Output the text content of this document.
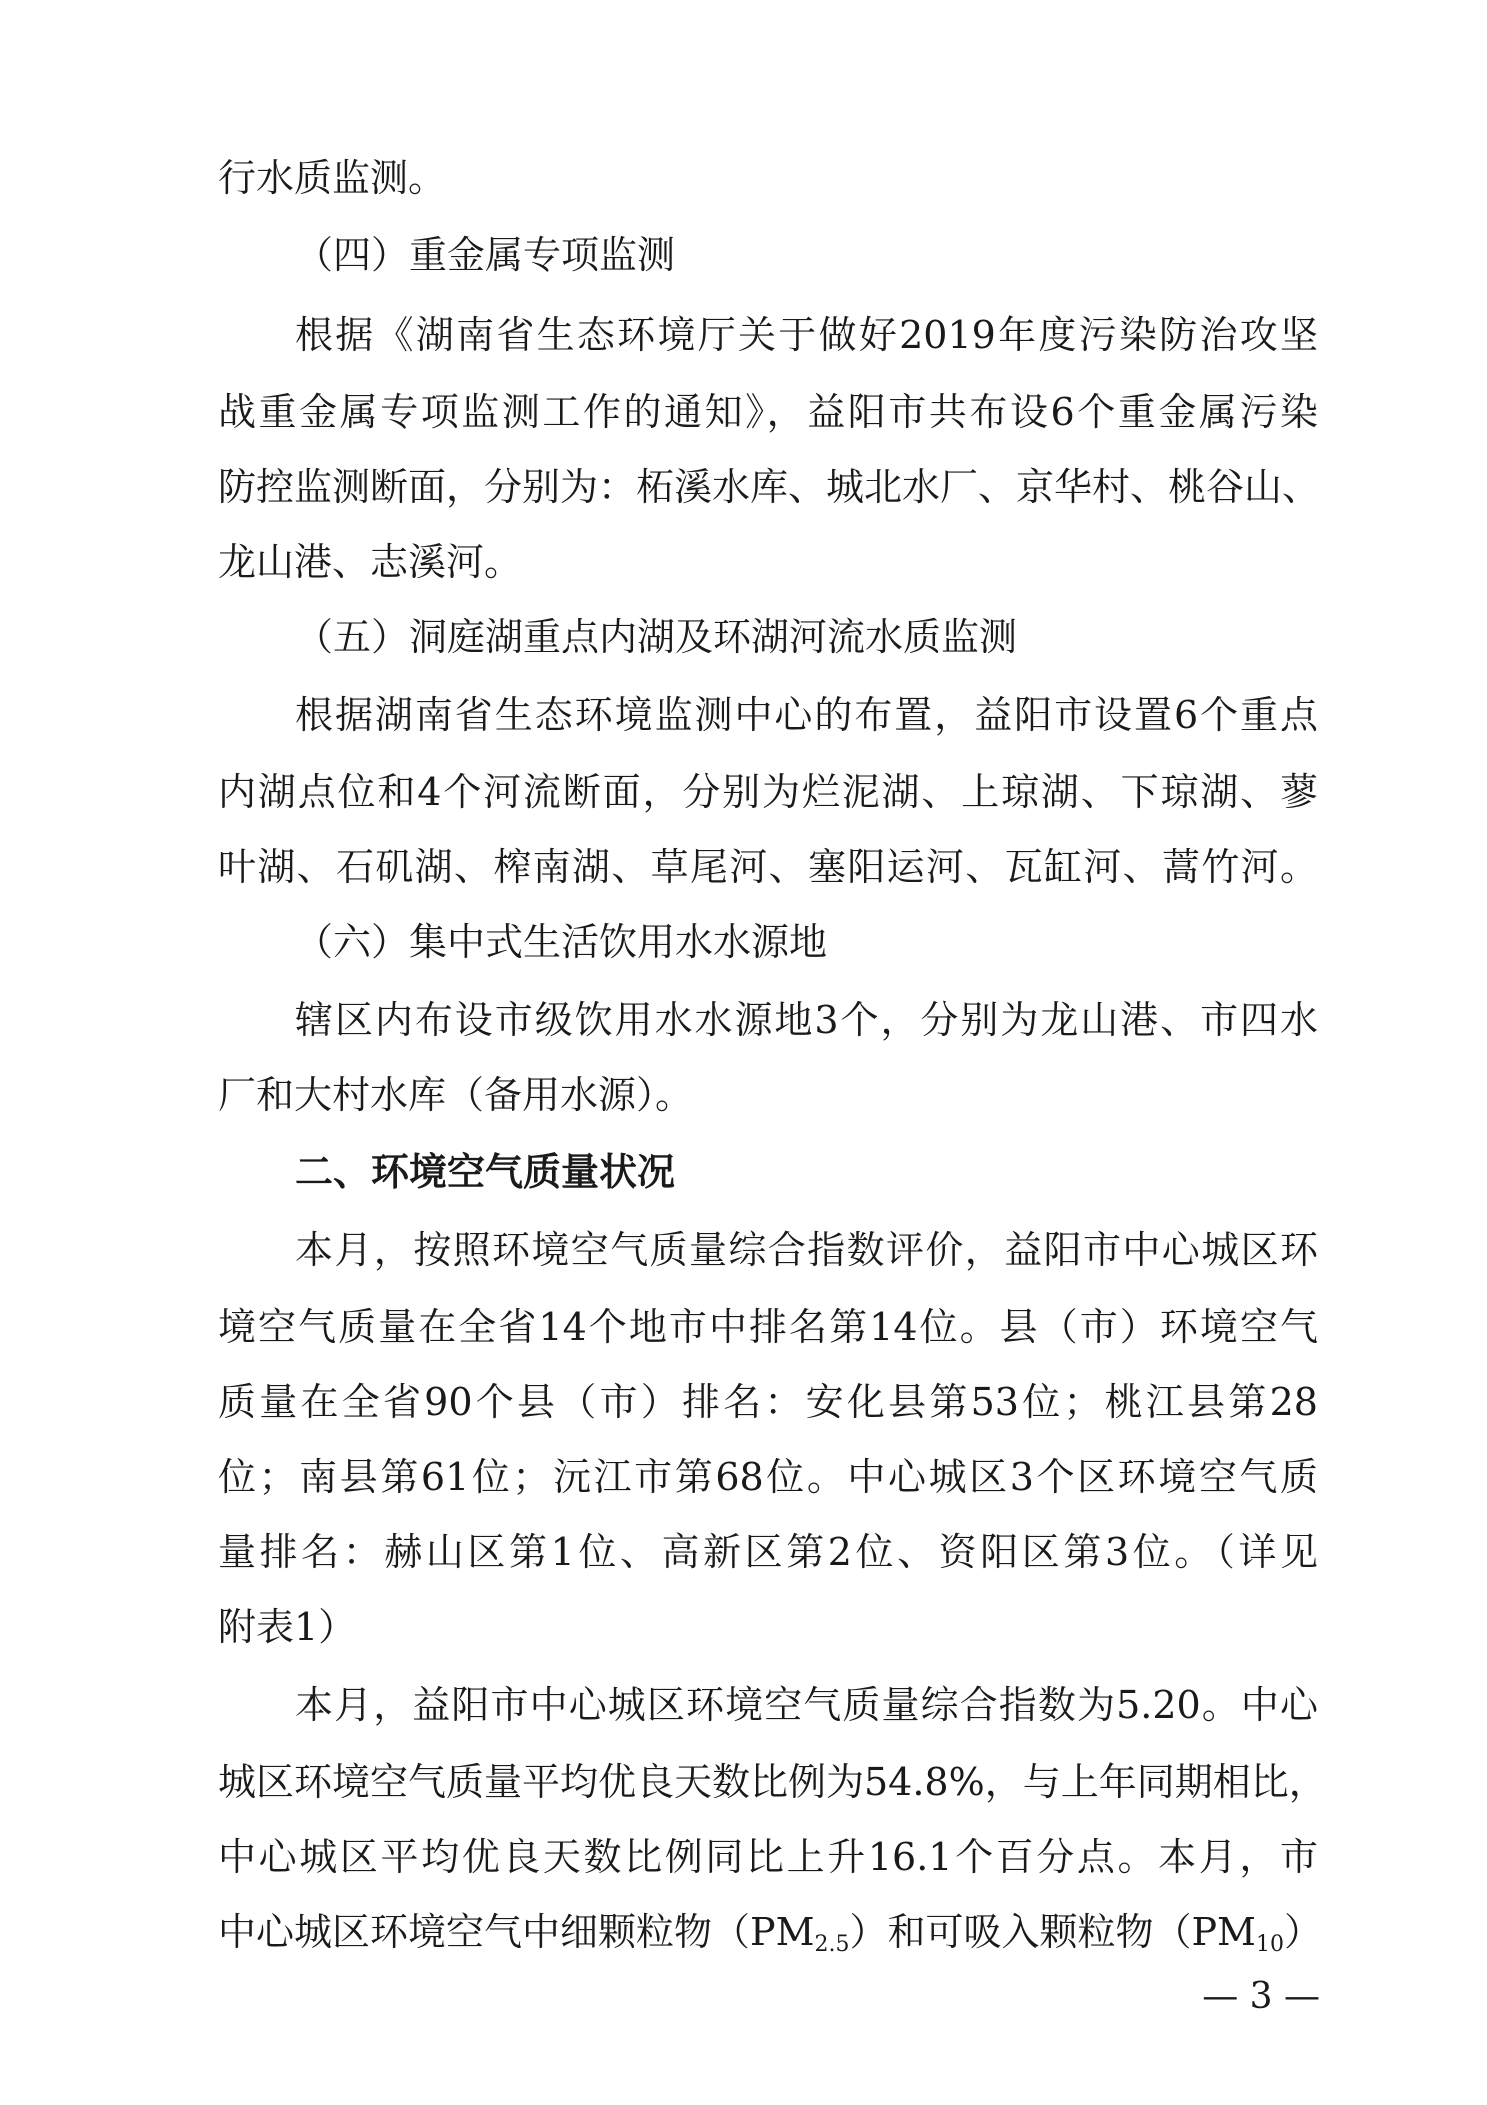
行水质监测。
（四）重金属专项监测
根据《湖南省生态环境厅关于做好2019年度污染防治攻坚
战重金属专项监测工作的通知》，益阳市共布设6个重金属污染
防控监测断面，分别为：柘溪水库、城北水厂、京华村、桃谷山、
龙山港、志溪河。
（五）洞庭湖重点内湖及环湖河流水质监测
根据湖南省生态环境监测中心的布置，益阳市设置6个重点
内湖点位和4个河流断面，分别为烂泥湖、上琼湖、下琼湖、蓼
叶湖、石矶湖、榨南湖、草尾河、塞阳运河、瓦缸河、蒿竹河。
（六）集中式生活饮用水水源地
辖区内布设市级饮用水水源地3个，分别为龙山港、市四水
厂和大村水库（备用水源）。
二、环境空气质量状况
本月，按照环境空气质量综合指数评价，益阳市中心城区环
境空气质量在全省14个地市中排名第14位。县（市）环境空气
质量在全省90个县（市）排名：安化县第53位；桃江县第28
位；南县第61位；沅江市第68位。中心城区3个区环境空气质
量排名：赫山区第1位、高新区第2位、资阳区第3位。（详见
附表1）
本月，益阳市中心城区环境空气质量综合指数为5.20。中心
城区环境空气质量平均优良天数比例为54.8%，与上年同期相比，
中心城区平均优良天数比例同比上升16.1个百分点。本月，市
中心城区环境空气中细颗粒物$(PM_{2.5})$和可吸入颗粒物$(PM_{10})$
— 3 —
